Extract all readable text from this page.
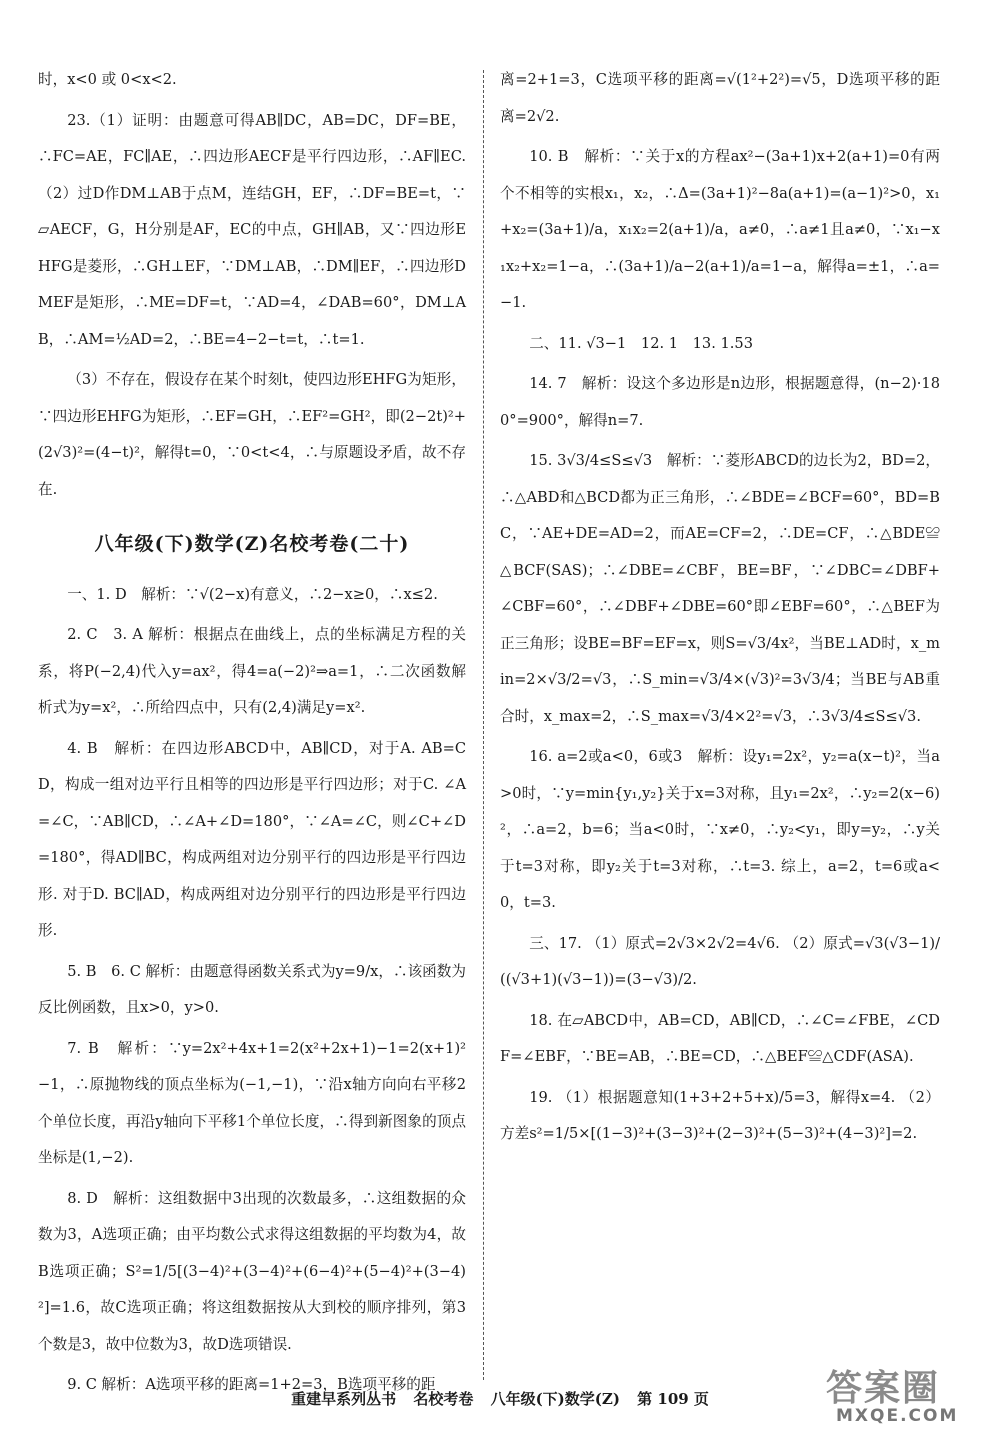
时，x<0 或 0<x<2.

23.（1）证明：由题意可得AB∥DC，AB=DC，DF=BE，∴FC=AE，FC∥AE，∴四边形AECF是平行四边形，∴AF∥EC. （2）过D作DM⊥AB于点M，连结GH，EF，∴DF=BE=t，∵▱AECF，G，H分别是AF，EC的中点，GH∥AB，又∵四边形EHFG是菱形，∴GH⊥EF，∵DM⊥AB，∴DM∥EF，∴四边形DMEF是矩形，∴ME=DF=t，∵AD=4，∠DAB=60°，DM⊥AB，∴AM=½AD=2，∴BE=4−2−t=t，∴t=1.

（3）不存在，假设存在某个时刻t，使四边形EHFG为矩形，∵四边形EHFG为矩形，∴EF=GH，∴EF²=GH²，即(2−2t)²+(2√3)²=(4−t)²，解得t=0，∵0<t<4，∴与原题设矛盾，故不存在.

八年级(下)数学(Z)名校考卷(二十)

一、1. D　解析：∵√(2−x)有意义，∴2−x≥0，∴x≤2.

2. C　3. A 解析：根据点在曲线上，点的坐标满足方程的关系，将P(−2,4)代入y=ax²，得4=a(−2)²⇒a=1，∴二次函数解析式为y=x²，∴所给四点中，只有(2,4)满足y=x².

4. B　解析：在四边形ABCD中，AB∥CD，对于A. AB=CD，构成一组对边平行且相等的四边形是平行四边形；对于C. ∠A=∠C，∵AB∥CD，∴∠A+∠D=180°，∵∠A=∠C，则∠C+∠D=180°，得AD∥BC，构成两组对边分别平行的四边形是平行四边形. 对于D. BC∥AD，构成两组对边分别平行的四边形是平行四边形.

5. B　6. C 解析：由题意得函数关系式为y=9/x，∴该函数为反比例函数，且x>0，y>0.

7. B　解析：∵y=2x²+4x+1=2(x²+2x+1)−1=2(x+1)²−1，∴原抛物线的顶点坐标为(−1,−1)，∵沿x轴方向向右平移2个单位长度，再沿y轴向下平移1个单位长度，∴得到新图象的顶点坐标是(1,−2).

8. D　解析：这组数据中3出现的次数最多，∴这组数据的众数为3，A选项正确；由平均数公式求得这组数据的平均数为4，故B选项正确；S²=1/5[(3−4)²+(3−4)²+(6−4)²+(5−4)²+(3−4)²]=1.6，故C选项正确；将这组数据按从大到校的顺序排列，第3个数是3，故中位数为3，故D选项错误.

9. C 解析：A选项平移的距离=1+2=3，B选项平移的距

离=2+1=3，C选项平移的距离=√(1²+2²)=√5，D选项平移的距离=2√2.

10. B　解析：∵关于x的方程ax²−(3a+1)x+2(a+1)=0有两个不相等的实根x₁，x₂，∴Δ=(3a+1)²−8a(a+1)=(a−1)²>0，x₁+x₂=(3a+1)/a，x₁x₂=2(a+1)/a，a≠0，∴a≠1且a≠0，∵x₁−x₁x₂+x₂=1−a，∴(3a+1)/a−2(a+1)/a=1−a，解得a=±1，∴a=−1.

二、11. √3−1　12. 1　13. 1.53

14. 7　解析：设这个多边形是n边形，根据题意得，(n−2)·180°=900°，解得n=7.

15. 3√3/4≤S≤√3　解析：∵菱形ABCD的边长为2，BD=2，∴△ABD和△BCD都为正三角形，∴∠BDE=∠BCF=60°，BD=BC，∵AE+DE=AD=2，而AE=CF=2，∴DE=CF，∴△BDE≌△BCF(SAS)；∴∠DBE=∠CBF，BE=BF，∵∠DBC=∠DBF+∠CBF=60°，∴∠DBF+∠DBE=60°即∠EBF=60°，∴△BEF为正三角形；设BE=BF=EF=x，则S=√3/4x²，当BE⊥AD时，x_min=2×√3/2=√3，∴S_min=√3/4×(√3)²=3√3/4；当BE与AB重合时，x_max=2，∴S_max=√3/4×2²=√3，∴3√3/4≤S≤√3.

16. a=2或a<0，6或3　解析：设y₁=2x²，y₂=a(x−t)²，当a>0时，∵y=min{y₁,y₂}关于x=3对称，且y₁=2x²，∴y₂=2(x−6)²，∴a=2，b=6；当a<0时，∵x≠0，∴y₂<y₁，即y=y₂，∴y关于t=3对称，即y₂关于t=3对称，∴t=3. 综上，a=2，t=6或a<0，t=3.

三、17. （1）原式=2√3×2√2=4√6. （2）原式=√3(√3−1)/((√3+1)(√3−1))=(3−√3)/2.

18. 在▱ABCD中，AB=CD，AB∥CD，∴∠C=∠FBE，∠CDF=∠EBF，∵BE=AB，∴BE=CD，∴△BEF≌△CDF(ASA).

19. （1）根据题意知(1+3+2+5+x)/5=3，解得x=4. （2）方差s²=1/5×[(1−3)²+(3−3)²+(2−3)²+(5−3)²+(4−3)²]=2.

重建早系列丛书 名校考卷 八年级(下)数学(Z) 第 109 页	答案圈
MXQE.COM
